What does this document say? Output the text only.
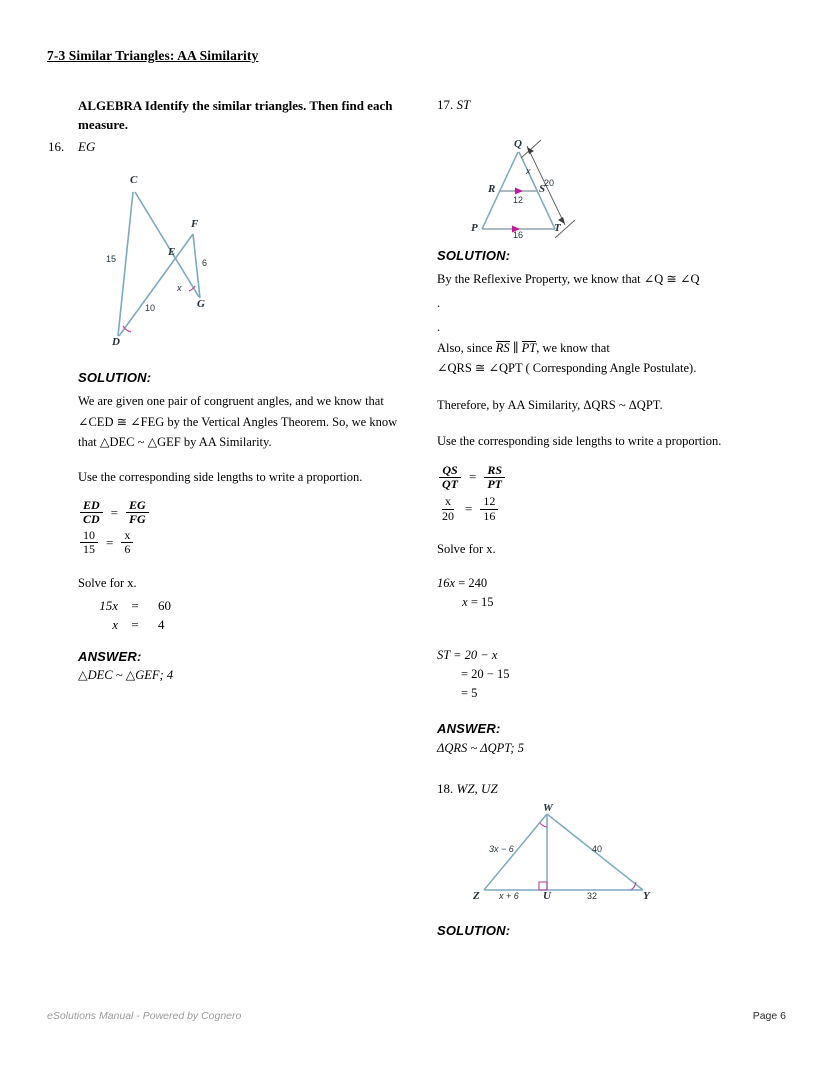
7-3 Similar Triangles: AA Similarity
ALGEBRA Identify the similar triangles. Then find each measure.
16. EG
C
D
E
F
G
15
10
6
x
SOLUTION:
We are given one pair of congruent angles, and we know that ∠CED ≅ ∠FEG by the Vertical Angles Theorem. So, we know that △DEC ~ △GEF by AA Similarity.
Use the corresponding side lengths to write a proportion.
$\frac{ED}{CD} = \frac{EG}{FG}$
$\frac{10}{15} = \frac{x}{6}$
Solve for x.
15x	=	60
x	=	4
ANSWER:
△DEC ~ △GEF; 4
17. ST
Q
R	S
P	T
x
20
12
16
SOLUTION:
By the Reflexive Property, we know that ∠Q ≅ ∠Q
.
.
Also, since RS ∥ PT, we know that
∠QRS ≅ ∠QPT ( Corresponding Angle Postulate).
Therefore, by AA Similarity, ΔQRS ~ ΔQPT.
Use the corresponding side lengths to write a proportion.
$\frac{QS}{QT} = \frac{RS}{PT}$
$\frac{x}{20} = \frac{12}{16}$
Solve for x.
16x = 240
x = 15
ST = 20 − x
= 20 − 15
= 5
ANSWER:
ΔQRS ~ ΔQPT; 5
18. WZ, UZ
W
Z	U	Y
3x − 6	40
x + 6	32
SOLUTION:
eSolutions Manual - Powered by Cognero	Page 6
